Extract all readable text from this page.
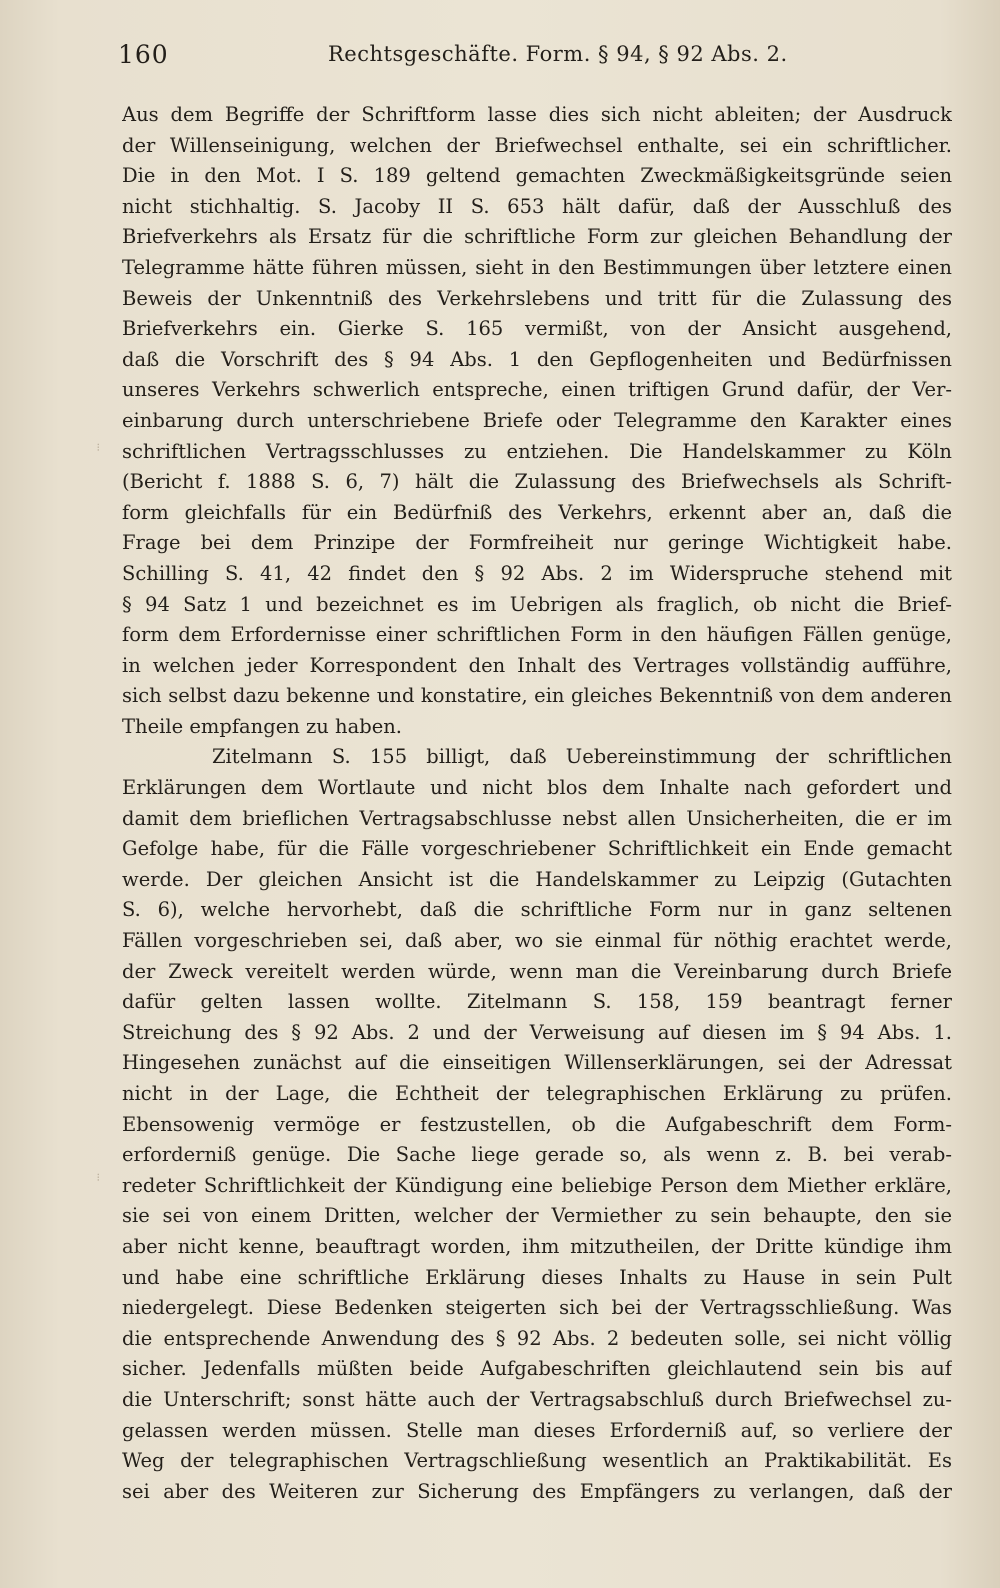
160	Rechtsgeschäfte. Form. § 94, § 92 Abs. 2.
⁝
⁝
Aus dem Begriffe der Schriftform lasse dies sich nicht ableiten; der Ausdruck
der Willenseinigung, welchen der Briefwechsel enthalte, sei ein schriftlicher.
Die in den Mot. I S. 189 geltend gemachten Zweckmäßigkeitsgründe seien
nicht stichhaltig. S. Jacoby II S. 653 hält dafür, daß der Ausschluß des
Briefverkehrs als Ersatz für die schriftliche Form zur gleichen Behandlung der
Telegramme hätte führen müssen, sieht in den Bestimmungen über letztere einen
Beweis der Unkenntniß des Verkehrslebens und tritt für die Zulassung des
Briefverkehrs ein. Gierke S. 165 vermißt, von der Ansicht ausgehend,
daß die Vorschrift des § 94 Abs. 1 den Gepflogenheiten und Bedürfnissen
unseres Verkehrs schwerlich entspreche, einen triftigen Grund dafür, der Ver-
einbarung durch unterschriebene Briefe oder Telegramme den Karakter eines
schriftlichen Vertragsschlusses zu entziehen. Die Handelskammer zu Köln
(Bericht f. 1888 S. 6, 7) hält die Zulassung des Briefwechsels als Schrift-
form gleichfalls für ein Bedürfniß des Verkehrs, erkennt aber an, daß die
Frage bei dem Prinzipe der Formfreiheit nur geringe Wichtigkeit habe.
Schilling S. 41, 42 findet den § 92 Abs. 2 im Widerspruche stehend mit
§ 94 Satz 1 und bezeichnet es im Uebrigen als fraglich, ob nicht die Brief-
form dem Erfordernisse einer schriftlichen Form in den häufigen Fällen genüge,
in welchen jeder Korrespondent den Inhalt des Vertrages vollständig aufführe,
sich selbst dazu bekenne und konstatire, ein gleiches Bekenntniß von dem anderen
Theile empfangen zu haben.
Zitelmann S. 155 billigt, daß Uebereinstimmung der schriftlichen
Erklärungen dem Wortlaute und nicht blos dem Inhalte nach gefordert und
damit dem brieflichen Vertragsabschlusse nebst allen Unsicherheiten, die er im
Gefolge habe, für die Fälle vorgeschriebener Schriftlichkeit ein Ende gemacht
werde. Der gleichen Ansicht ist die Handelskammer zu Leipzig (Gutachten
S. 6), welche hervorhebt, daß die schriftliche Form nur in ganz seltenen
Fällen vorgeschrieben sei, daß aber, wo sie einmal für nöthig erachtet werde,
der Zweck vereitelt werden würde, wenn man die Vereinbarung durch Briefe
dafür gelten lassen wollte. Zitelmann S. 158, 159 beantragt ferner
Streichung des § 92 Abs. 2 und der Verweisung auf diesen im § 94 Abs. 1.
Hingesehen zunächst auf die einseitigen Willenserklärungen, sei der Adressat
nicht in der Lage, die Echtheit der telegraphischen Erklärung zu prüfen.
Ebensowenig vermöge er festzustellen, ob die Aufgabeschrift dem Form-
erforderniß genüge. Die Sache liege gerade so, als wenn z. B. bei verab-
redeter Schriftlichkeit der Kündigung eine beliebige Person dem Miether erkläre,
sie sei von einem Dritten, welcher der Vermiether zu sein behaupte, den sie
aber nicht kenne, beauftragt worden, ihm mitzutheilen, der Dritte kündige ihm
und habe eine schriftliche Erklärung dieses Inhalts zu Hause in sein Pult
niedergelegt. Diese Bedenken steigerten sich bei der Vertragsschließung. Was
die entsprechende Anwendung des § 92 Abs. 2 bedeuten solle, sei nicht völlig
sicher. Jedenfalls müßten beide Aufgabeschriften gleichlautend sein bis auf
die Unterschrift; sonst hätte auch der Vertragsabschluß durch Briefwechsel zu-
gelassen werden müssen. Stelle man dieses Erforderniß auf, so verliere der
Weg der telegraphischen Vertragschließung wesentlich an Praktikabilität. Es
sei aber des Weiteren zur Sicherung des Empfängers zu verlangen, daß der
